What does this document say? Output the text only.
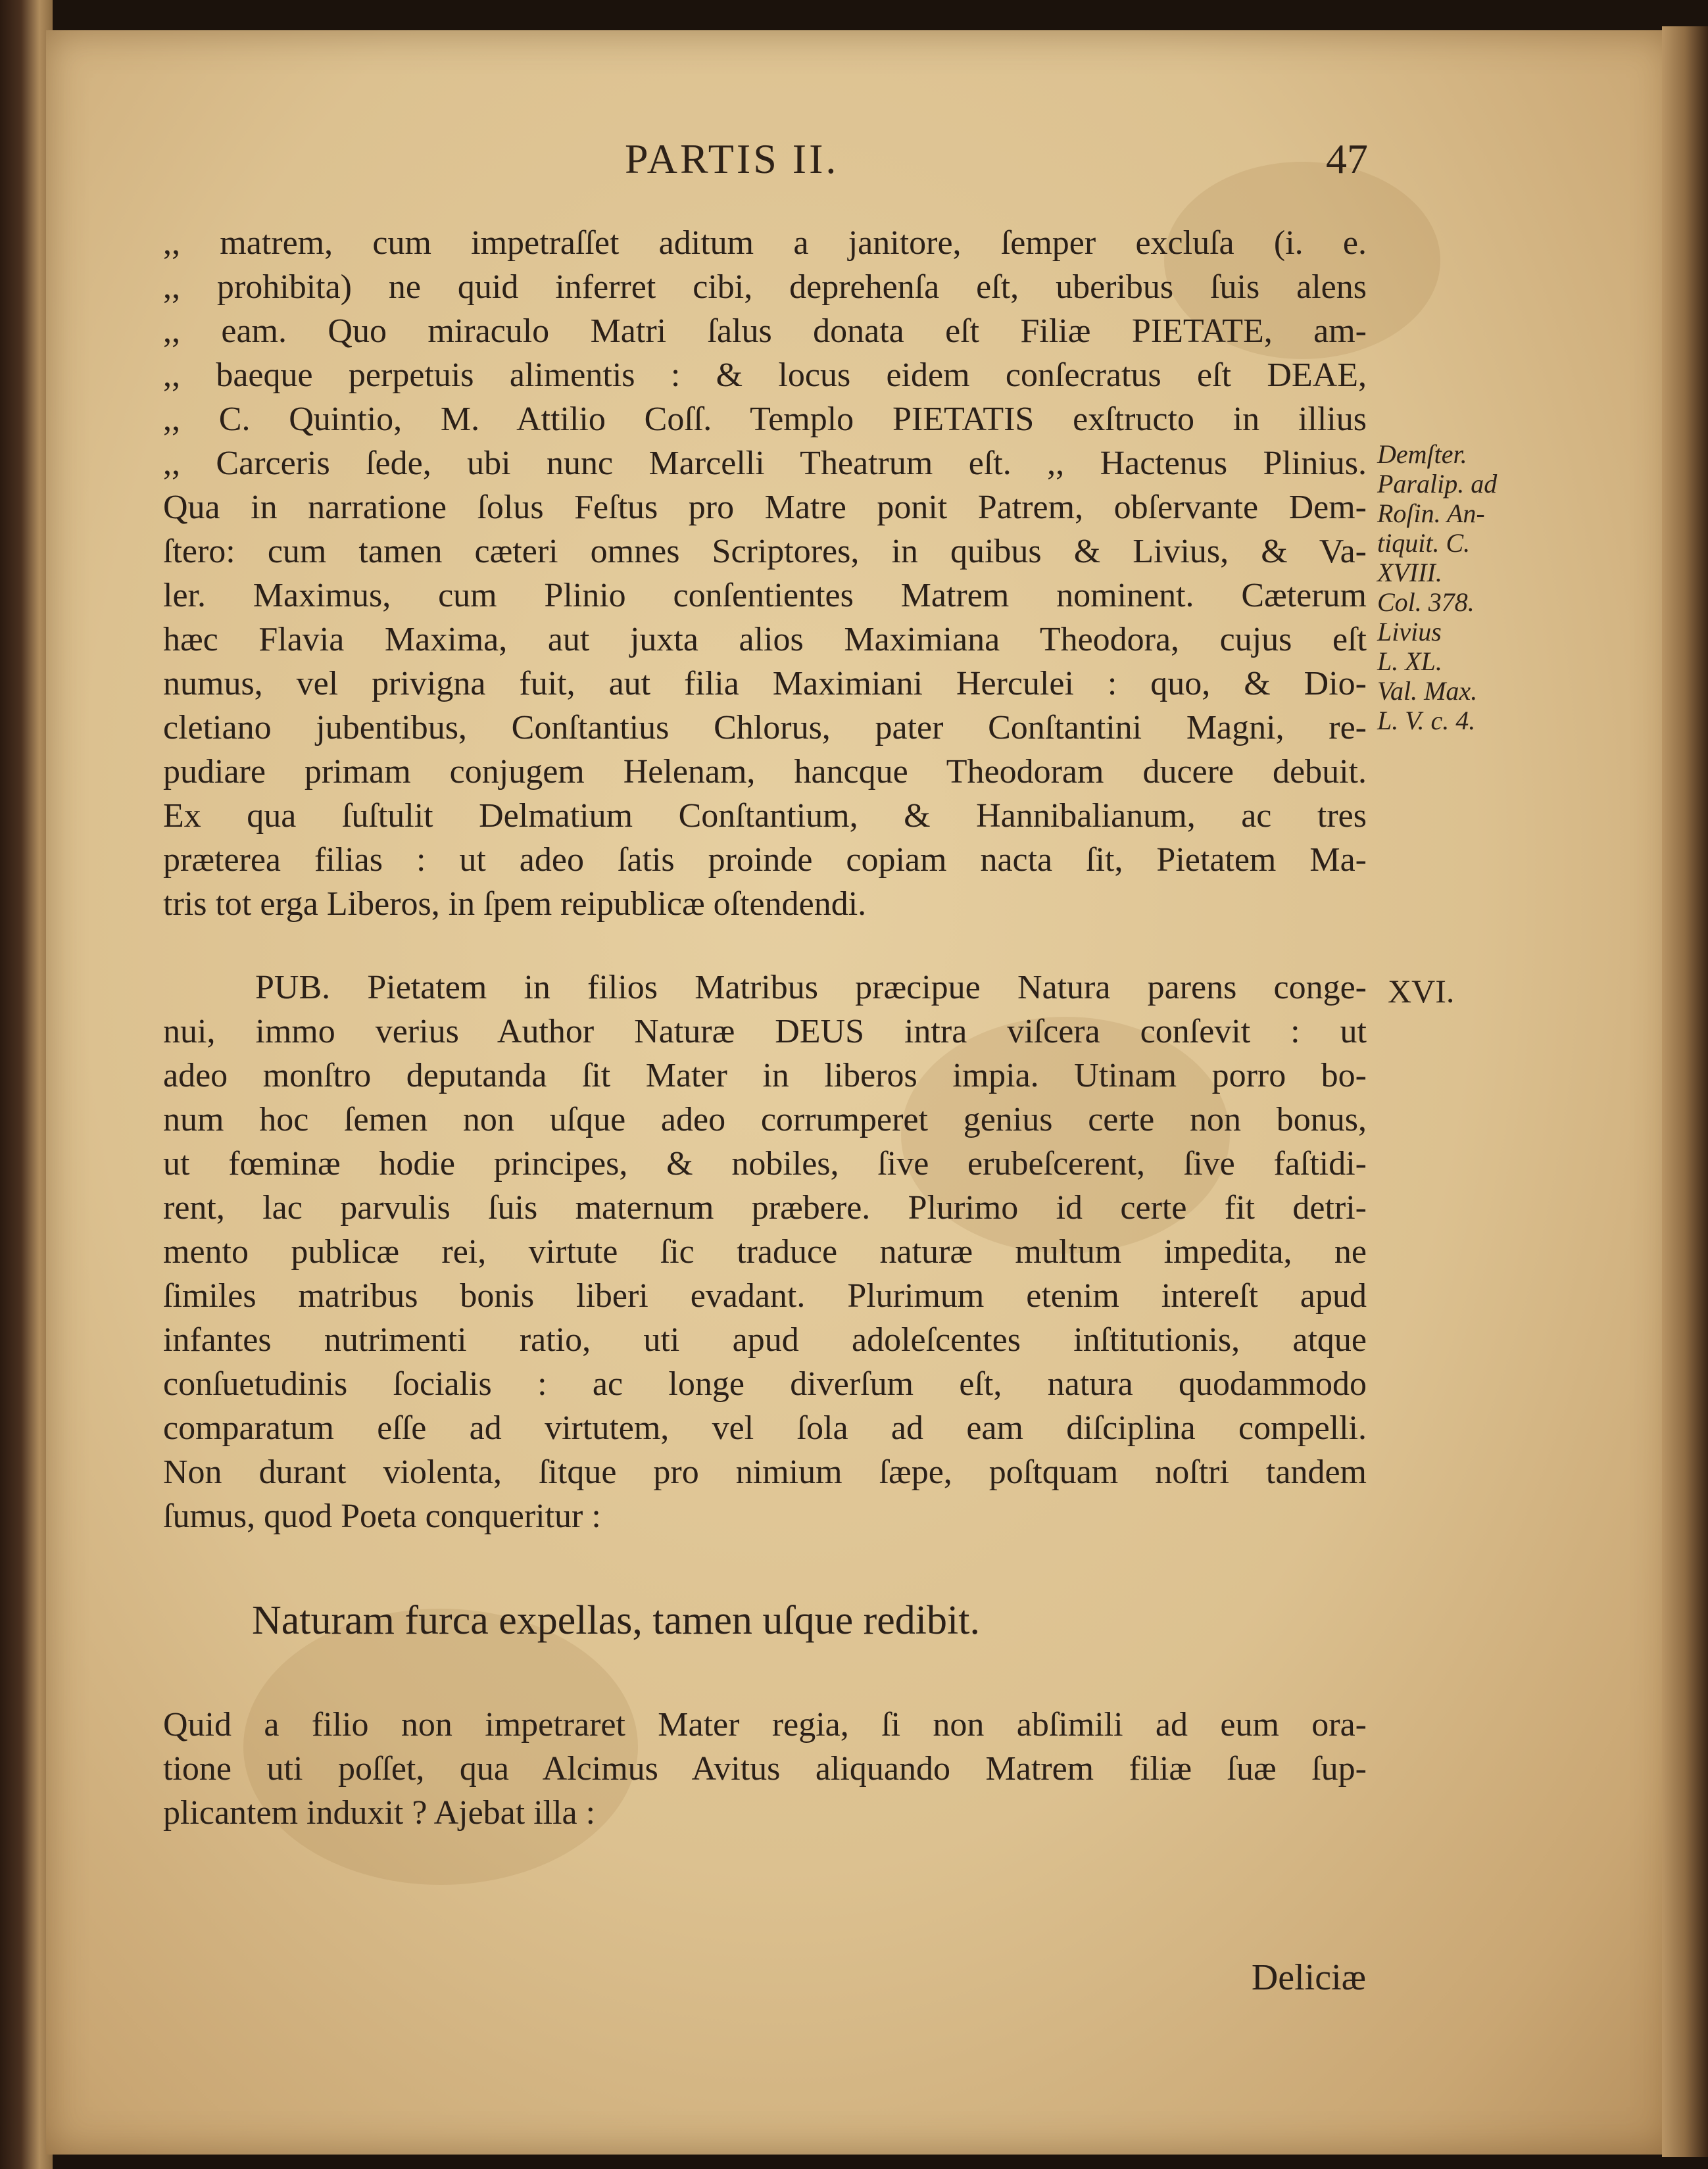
PARTIS II.	47
,, matrem, cum impetraſſet aditum a janitore, ſemper excluſa (i. e.
,, prohibita) ne quid inferret cibi, deprehenſa eſt, uberibus ſuis alens
,, eam. Quo miraculo Matri ſalus donata eſt Filiæ PIETATE, am-
,, baeque perpetuis alimentis : & locus eidem conſecratus eſt DEAE,
,, C. Quintio, M. Attilio Coſſ. Templo PIETATIS exſtructo in illius
,, Carceris ſede, ubi nunc Marcelli Theatrum eſt. ,, Hactenus Plinius.
Qua in narratione ſolus Feſtus pro Matre ponit Patrem, obſervante Dem-
ſtero: cum tamen cæteri omnes Scriptores, in quibus & Livius, & Va-
ler. Maximus, cum Plinio conſentientes Matrem nominent. Cæterum
hæc Flavia Maxima, aut juxta alios Maximiana Theodora, cujus eſt
numus, vel privigna fuit, aut filia Maximiani Herculei : quo, & Dio-
cletiano jubentibus, Conſtantius Chlorus, pater Conſtantini Magni, re-
pudiare primam conjugem Helenam, hancque Theodoram ducere debuit.
Ex qua ſuſtulit Delmatium Conſtantium, & Hannibalianum, ac tres
præterea filias : ut adeo ſatis proinde copiam nacta ſit, Pietatem Ma-
tris tot erga Liberos, in ſpem reipublicæ oſtendendi.
PUB. Pietatem in filios Matribus præcipue Natura parens conge-
nui, immo verius Author Naturæ DEUS intra viſcera conſevit : ut
adeo monſtro deputanda ſit Mater in liberos impia. Utinam porro bo-
num hoc ſemen non uſque adeo corrumperet genius certe non bonus,
ut fœminæ hodie principes, & nobiles, ſive erubeſcerent, ſive faſtidi-
rent, lac parvulis ſuis maternum præbere. Plurimo id certe fit detri-
mento publicæ rei, virtute ſic traduce naturæ multum impedita, ne
ſimiles matribus bonis liberi evadant. Plurimum etenim intereſt apud
infantes nutrimenti ratio, uti apud adoleſcentes inſtitutionis, atque
conſuetudinis ſocialis : ac longe diverſum eſt, natura quodammodo
comparatum eſſe ad virtutem, vel ſola ad eam diſciplina compelli.
Non durant violenta, ſitque pro nimium ſæpe, poſtquam noſtri tandem
ſumus, quod Poeta conqueritur :
Naturam furca expellas, tamen uſque redibit.
Quid a filio non impetraret Mater regia, ſi non abſimili ad eum ora-
tione uti poſſet, qua Alcimus Avitus aliquando Matrem filiæ ſuæ ſup-
plicantem induxit ? Ajebat illa :
Demſter.
Paralip. ad
Roſin. An-
tiquit. C.
XVIII.
Col. 378.
Livius
L. XL.
Val. Max.
L. V. c. 4.
XVI.
Deliciæ
